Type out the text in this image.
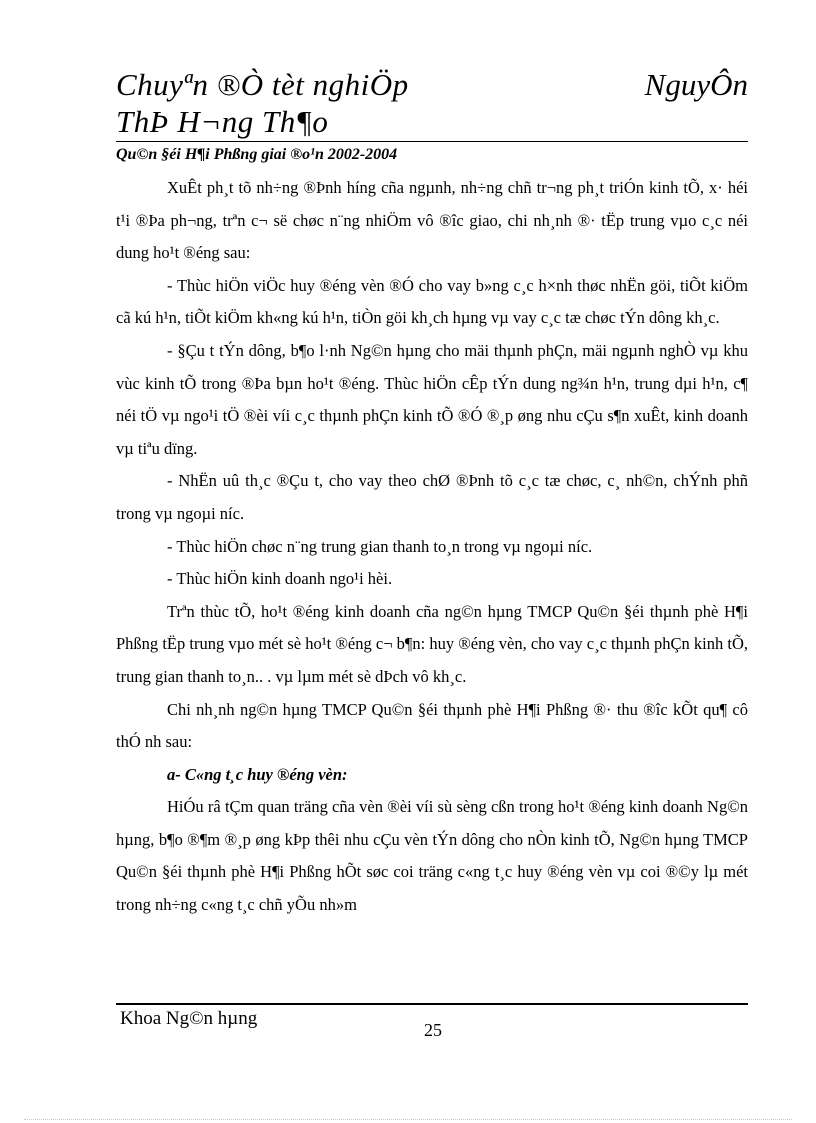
Chuyªn ®Ò tèt nghiÖp
ThÞ H¬ng Th¶o
NguyÔn
Qu©n §éi H¶i Phßng giai ®o¹n 2002-2004

XuÊt ph¸t tõ nh÷ng ®Þnh híng cña ngµnh, nh÷ng chñ tr¬ng ph¸t triÓn kinh tÕ, x· héi t¹i ®Þa ph¬ng, trªn c¬ së chøc n¨ng nhiÖm vô ®îc giao, chi nh¸nh ®· tËp trung vµo c¸c néi dung ho¹t ®éng sau:

- Thùc hiÖn viÖc huy ®éng vèn ®Ó cho vay b»ng c¸c h×nh thøc nhËn göi, tiÕt kiÖm cã kú h¹n, tiÕt kiÖm kh«ng kú h¹n, tiÒn göi kh¸ch hµng vµ vay c¸c tæ chøc tÝn dông kh¸c.

- §Çu t tÝn dông, b¶o l·nh Ng©n hµng cho mäi thµnh phÇn, mäi ngµnh nghÒ vµ khu vùc kinh tÕ trong ®Þa bµn ho¹t ®éng. Thùc hiÖn cÊp tÝn dung ng¾n h¹n, trung dµi h¹n, c¶ néi tÖ vµ ngo¹i tÖ ®èi víi c¸c thµnh phÇn kinh tÕ ®Ó ®¸p øng nhu cÇu s¶n xuÊt, kinh doanh vµ tiªu dïng.

- NhËn uû th¸c ®Çu t, cho vay theo chØ ®Þnh tõ c¸c tæ chøc, c¸ nh©n, chÝnh phñ trong vµ ngoµi níc.

- Thùc hiÖn chøc n¨ng trung gian thanh to¸n trong vµ ngoµi níc.

- Thùc hiÖn kinh doanh ngo¹i hèi.

Trªn thùc tÕ, ho¹t ®éng kinh doanh cña ng©n hµng TMCP Qu©n §éi thµnh phè H¶i Phßng tËp trung vµo mét sè ho¹t ®éng c¬ b¶n: huy ®éng vèn, cho vay c¸c thµnh phÇn kinh tÕ, trung gian thanh to¸n.. . vµ lµm mét sè dÞch vô kh¸c.

Chi nh¸nh ng©n hµng TMCP Qu©n §éi thµnh phè H¶i Phßng ®· thu ®îc kÕt qu¶ cô thÓ nh sau:

a- C«ng t¸c huy ®éng vèn:

HiÓu râ tÇm quan träng cña vèn ®èi víi sù sèng cßn trong ho¹t ®éng kinh doanh Ng©n hµng, b¶o ®¶m ®¸p øng kÞp thêi nhu cÇu vèn tÝn dông cho nÒn kinh tÕ, Ng©n hµng TMCP Qu©n §éi thµnh phè H¶i Phßng hÕt søc coi träng c«ng t¸c huy ®éng vèn vµ coi ®©y lµ mét trong nh÷ng c«ng t¸c chñ yÕu nh»m

Khoa Ng©n hµng
25
